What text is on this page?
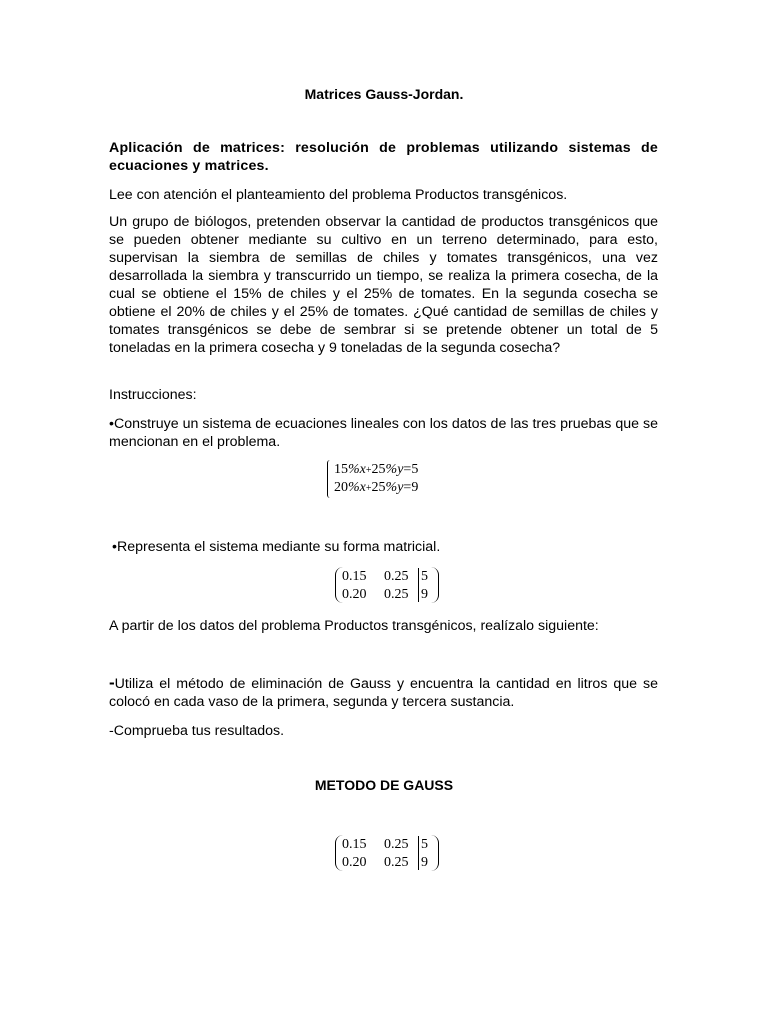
Matrices Gauss-Jordan.
Aplicación de matrices: resolución de problemas utilizando sistemas de
ecuaciones y matrices.
Lee con atención el planteamiento del problema Productos transgénicos.
Un grupo de biólogos, pretenden observar la cantidad de productos transgénicos que se pueden obtener mediante su cultivo en un terreno determinado, para esto, supervisan la siembra de semillas de chiles y tomates transgénicos, una vez desarrollada la siembra y transcurrido un tiempo, se realiza la primera cosecha, de la cual se obtiene el 15% de chiles y el 25% de tomates. En la segunda cosecha se obtiene el 20% de chiles y el 25% de tomates. ¿Qué cantidad de semillas de chiles y tomates transgénicos se debe de sembrar si se pretende obtener un total de 5 toneladas en la primera cosecha y 9 toneladas de la segunda cosecha?
Instrucciones:
•Construye un sistema de ecuaciones lineales con los datos de las tres pruebas que se mencionan en el problema.
15%x+25%y=5
20%x+25%y=9
•Representa el sistema mediante su forma matricial.
0.15 0.25 5
0.20 0.25 9
A partir de los datos del problema Productos transgénicos, realízalo siguiente:
-Utiliza el método de eliminación de Gauss y encuentra la cantidad en litros que se colocó en cada vaso de la primera, segunda y tercera sustancia.
-Comprueba tus resultados.
METODO DE GAUSS
0.15 0.25 5
0.20 0.25 9
